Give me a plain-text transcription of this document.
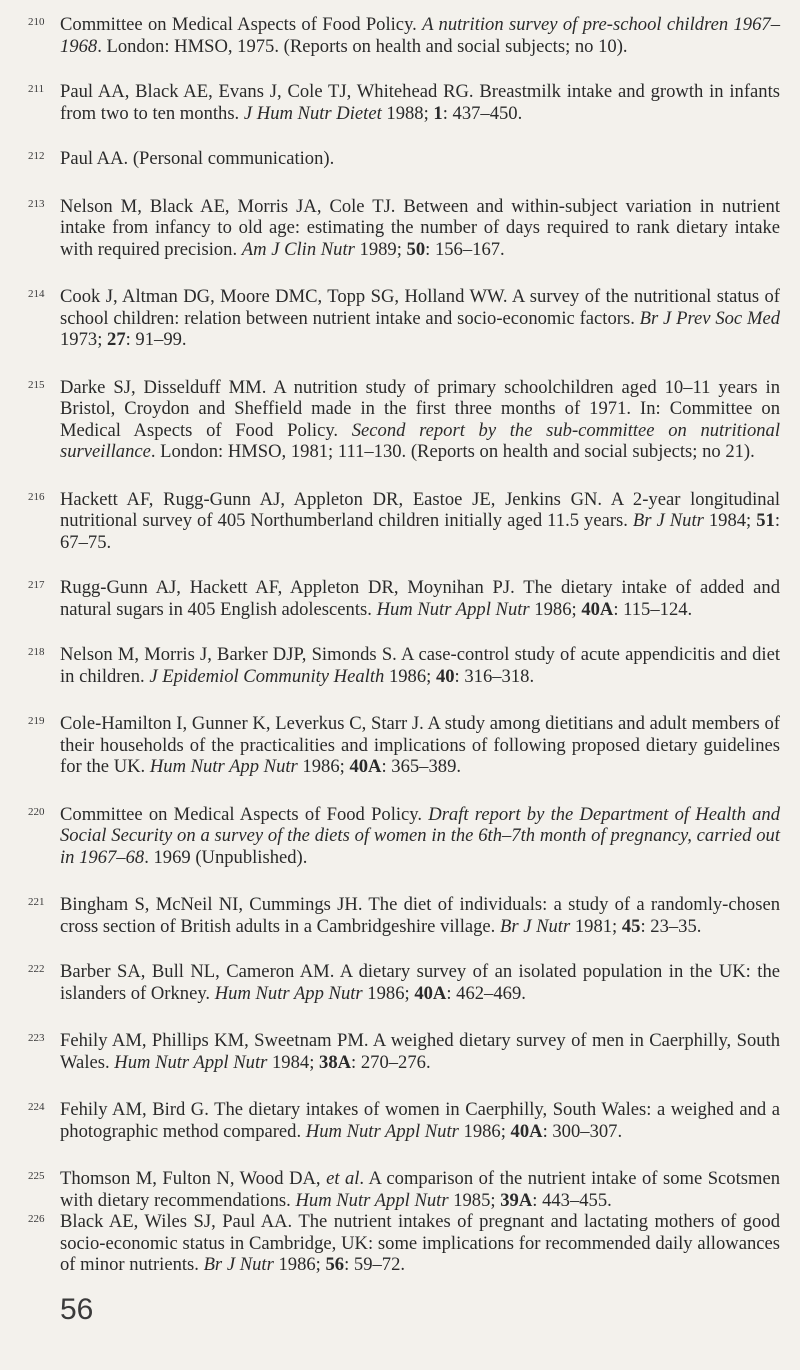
210 Committee on Medical Aspects of Food Policy. A nutrition survey of pre-school children 1967–1968. London: HMSO, 1975. (Reports on health and social subjects; no 10).
211 Paul AA, Black AE, Evans J, Cole TJ, Whitehead RG. Breastmilk intake and growth in infants from two to ten months. J Hum Nutr Dietet 1988; 1: 437–450.
212 Paul AA. (Personal communication).
213 Nelson M, Black AE, Morris JA, Cole TJ. Between and within-subject variation in nutrient intake from infancy to old age: estimating the number of days required to rank dietary intake with required precision. Am J Clin Nutr 1989; 50: 156–167.
214 Cook J, Altman DG, Moore DMC, Topp SG, Holland WW. A survey of the nutritional status of school children: relation between nutrient intake and socio-economic factors. Br J Prev Soc Med 1973; 27: 91–99.
215 Darke SJ, Disselduff MM. A nutrition study of primary schoolchildren aged 10–11 years in Bristol, Croydon and Sheffield made in the first three months of 1971. In: Committee on Medical Aspects of Food Policy. Second report by the sub-committee on nutritional surveillance. London: HMSO, 1981; 111–130. (Reports on health and social subjects; no 21).
216 Hackett AF, Rugg-Gunn AJ, Appleton DR, Eastoe JE, Jenkins GN. A 2-year longitudinal nutritional survey of 405 Northumberland children initially aged 11.5 years. Br J Nutr 1984; 51: 67–75.
217 Rugg-Gunn AJ, Hackett AF, Appleton DR, Moynihan PJ. The dietary intake of added and natural sugars in 405 English adolescents. Hum Nutr Appl Nutr 1986; 40A: 115–124.
218 Nelson M, Morris J, Barker DJP, Simonds S. A case-control study of acute appendicitis and diet in children. J Epidemiol Community Health 1986; 40: 316–318.
219 Cole-Hamilton I, Gunner K, Leverkus C, Starr J. A study among dietitians and adult members of their households of the practicalities and implications of following proposed dietary guidelines for the UK. Hum Nutr App Nutr 1986; 40A: 365–389.
220 Committee on Medical Aspects of Food Policy. Draft report by the Department of Health and Social Security on a survey of the diets of women in the 6th–7th month of pregnancy, carried out in 1967–68. 1969 (Unpublished).
221 Bingham S, McNeil NI, Cummings JH. The diet of individuals: a study of a randomly-chosen cross section of British adults in a Cambridgeshire village. Br J Nutr 1981; 45: 23–35.
222 Barber SA, Bull NL, Cameron AM. A dietary survey of an isolated population in the UK: the islanders of Orkney. Hum Nutr App Nutr 1986; 40A: 462–469.
223 Fehily AM, Phillips KM, Sweetnam PM. A weighed dietary survey of men in Caerphilly, South Wales. Hum Nutr Appl Nutr 1984; 38A: 270–276.
224 Fehily AM, Bird G. The dietary intakes of women in Caerphilly, South Wales: a weighed and a photographic method compared. Hum Nutr Appl Nutr 1986; 40A: 300–307.
225 Thomson M, Fulton N, Wood DA, et al. A comparison of the nutrient intake of some Scotsmen with dietary recommendations. Hum Nutr Appl Nutr 1985; 39A: 443–455.
226 Black AE, Wiles SJ, Paul AA. The nutrient intakes of pregnant and lactating mothers of good socio-economic status in Cambridge, UK: some implications for recommended daily allowances of minor nutrients. Br J Nutr 1986; 56: 59–72.
56
